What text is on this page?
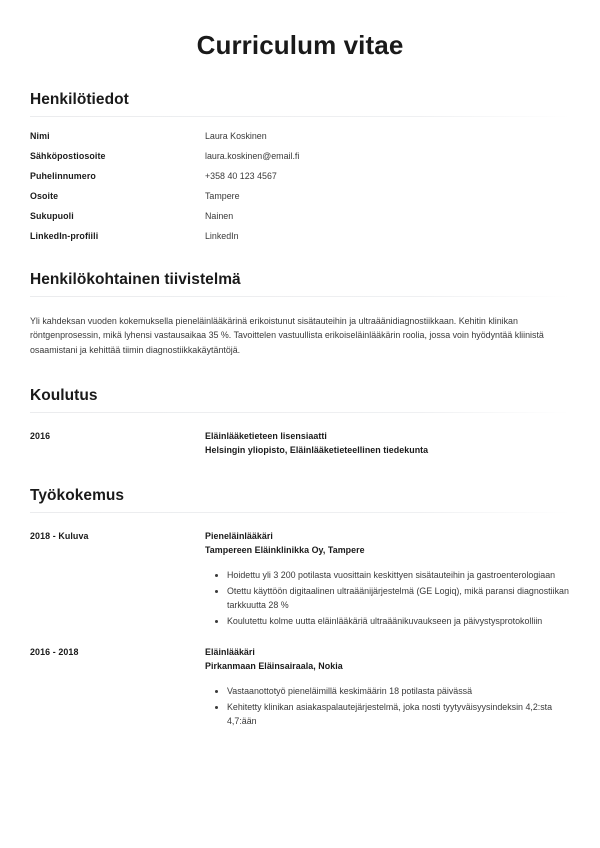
Curriculum vitae
Henkilötiedot
Nimi	Laura Koskinen
Sähköpostiosoite	laura.koskinen@email.fi
Puhelinnumero	+358 40 123 4567
Osoite	Tampere
Sukupuoli	Nainen
LinkedIn-profiili	LinkedIn
Henkilökohtainen tiivistelmä

Yli kahdeksan vuoden kokemuksella pieneläinlääkärinä erikoistunut sisätauteihin ja ultraäänidiagnostiikkaan. Kehitin klinikan röntgenprosessin, mikä lyhensi vastausaikaa 35 %. Tavoittelen vastuullista erikoiseläinlääkärin roolia, jossa voin hyödyntää kliinistä osaamistani ja kehittää tiimin diagnostiikkakäytäntöjä.

Koulutus
2016	Eläinlääketieteen lisensiaatti
Helsingin yliopisto, Eläinlääketieteellinen tiedekunta
Työkokemus
2018 - Kuluva	Pieneläinlääkäri
Tampereen Eläinklinikka Oy, Tampere
• Hoidettu yli 3 200 potilasta vuosittain keskittyen sisätauteihin ja gastroenterologiaan
• Otettu käyttöön digitaalinen ultraäänijärjestelmä (GE Logiq), mikä paransi diagnostiikan tarkkuutta 28 %
• Koulutettu kolme uutta eläinlääkäriä ultraäänikuvaukseen ja päivystysprotokolliin
2016 - 2018	Eläinlääkäri
Pirkanmaan Eläinsairaala, Nokia
• Vastaanottotyö pieneläimillä keskimäärin 18 potilasta päivässä
• Kehitetty klinikan asiakaspalautejärjestelmä, joka nosti tyytyväisyysindeksin 4,2:sta 4,7:ään
